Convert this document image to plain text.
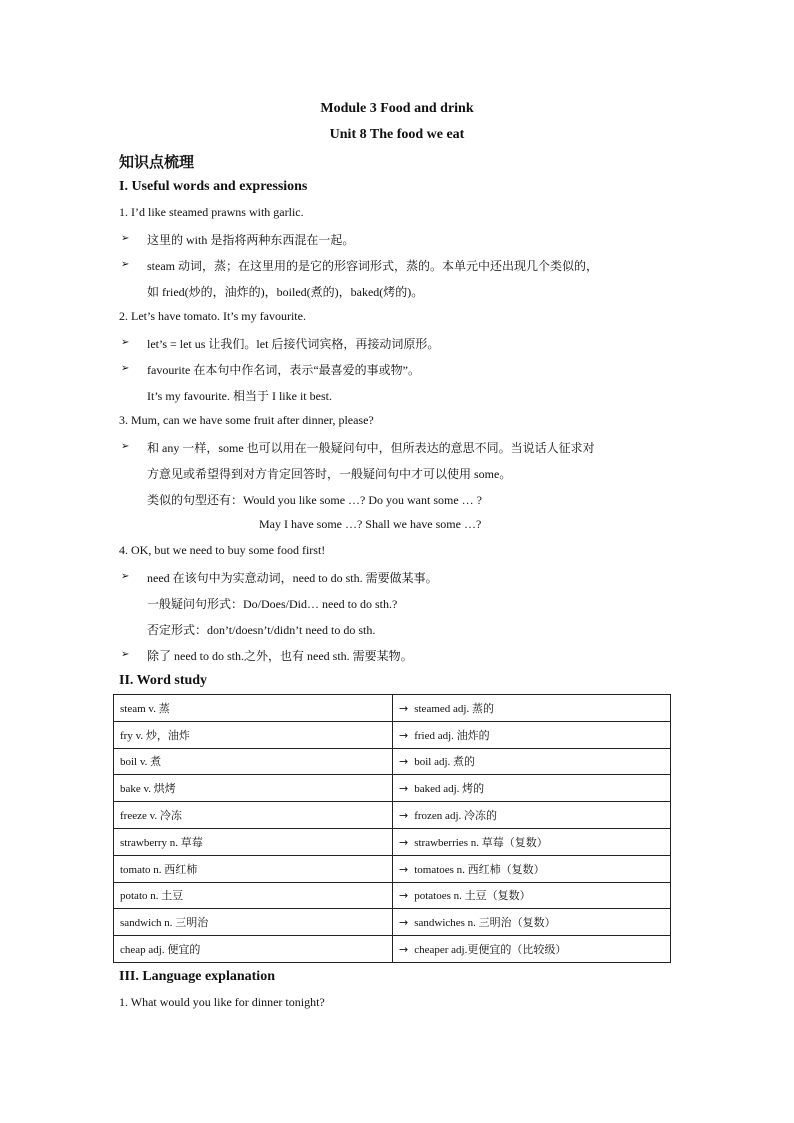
Module 3 Food and drink
Unit 8 The food we eat
知识点梳理
I. Useful words and expressions
1. I’d like steamed prawns with garlic.
➢ 这里的 with 是指将两种东西混在一起。
➢ steam 动词，蒸；在这里用的是它的形容词形式，蒸的。本单元中还出现几个类似的，
如 fried(炒的，油炸的)，boiled(煮的)，baked(烤的)。
2. Let’s have tomato. It’s my favourite.
➢ let’s = let us 让我们。let 后接代词宾格，再接动词原形。
➢ favourite 在本句中作名词，表示“最喜爱的事或物”。
It’s my favourite. 相当于 I like it best.
3. Mum, can we have some fruit after dinner, please?
➢ 和 any 一样，some 也可以用在一般疑问句中，但所表达的意思不同。当说话人征求对
方意见或希望得到对方肯定回答时，一般疑问句中才可以使用 some。
类似的句型还有：Would you like some …? Do you want some … ?
May I have some …? Shall we have some …?
4. OK, but we need to buy some food first!
➢ need 在该句中为实意动词，need to do sth. 需要做某事。
一般疑问句形式：Do/Does/Did… need to do sth.?
否定形式：don’t/doesn’t/didn’t need to do sth.
➢ 除了 need to do sth.之外，也有 need sth. 需要某物。
II. Word study
steam v. 蒸	→ steamed adj. 蒸的
fry v. 炒，油炸	→ fried adj. 油炸的
boil v. 煮	→ boil adj. 煮的
bake v. 烘烤	→ baked adj. 烤的
freeze v. 冷冻	→ frozen adj. 冷冻的
strawberry n. 草莓	→ strawberries n. 草莓（复数）
tomato n. 西红柿	→ tomatoes n. 西红柿（复数）
potato n. 土豆	→ potatoes n. 土豆（复数）
sandwich n. 三明治	→ sandwiches n. 三明治（复数）
cheap adj. 便宜的	→ cheaper adj.更便宜的（比较级）
III. Language explanation
1. What would you like for dinner tonight?
